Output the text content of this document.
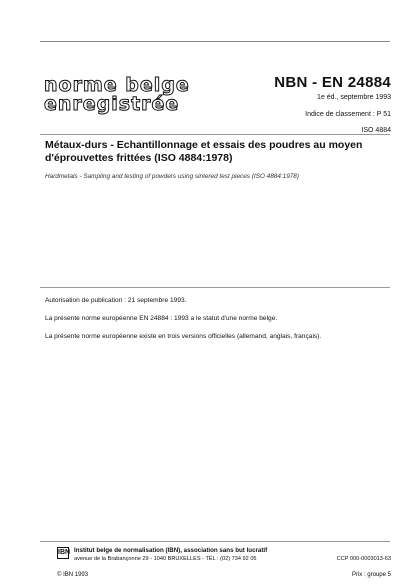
norme belge
enregistrée
NBN - EN 24884
1e éd., septembre 1993
Indice de classement : P 51
ISO 4884
Métaux-durs - Echantillonnage et essais des poudres au moyen d'éprouvettes frittées (ISO 4884:1978)
Hardmetals - Sampling and testing of powders using sintered test pieces (ISO 4884:1978)
Autorisation de publication : 21 septembre 1993.
La présente norme européenne EN 24884 : 1993 a le statut d'une norme belge.
La présente norme européenne existe en trois versions officielles (allemand, anglais, français).
IBN Institut belge de normalisation (IBN), association sans but lucratif
avenue de la Brabançonne 29 - 1040 BRUXELLES - TÉL : (02) 734 92 05	CCP 000-0003013-63
© IBN 1993	Prix : groupe 5
